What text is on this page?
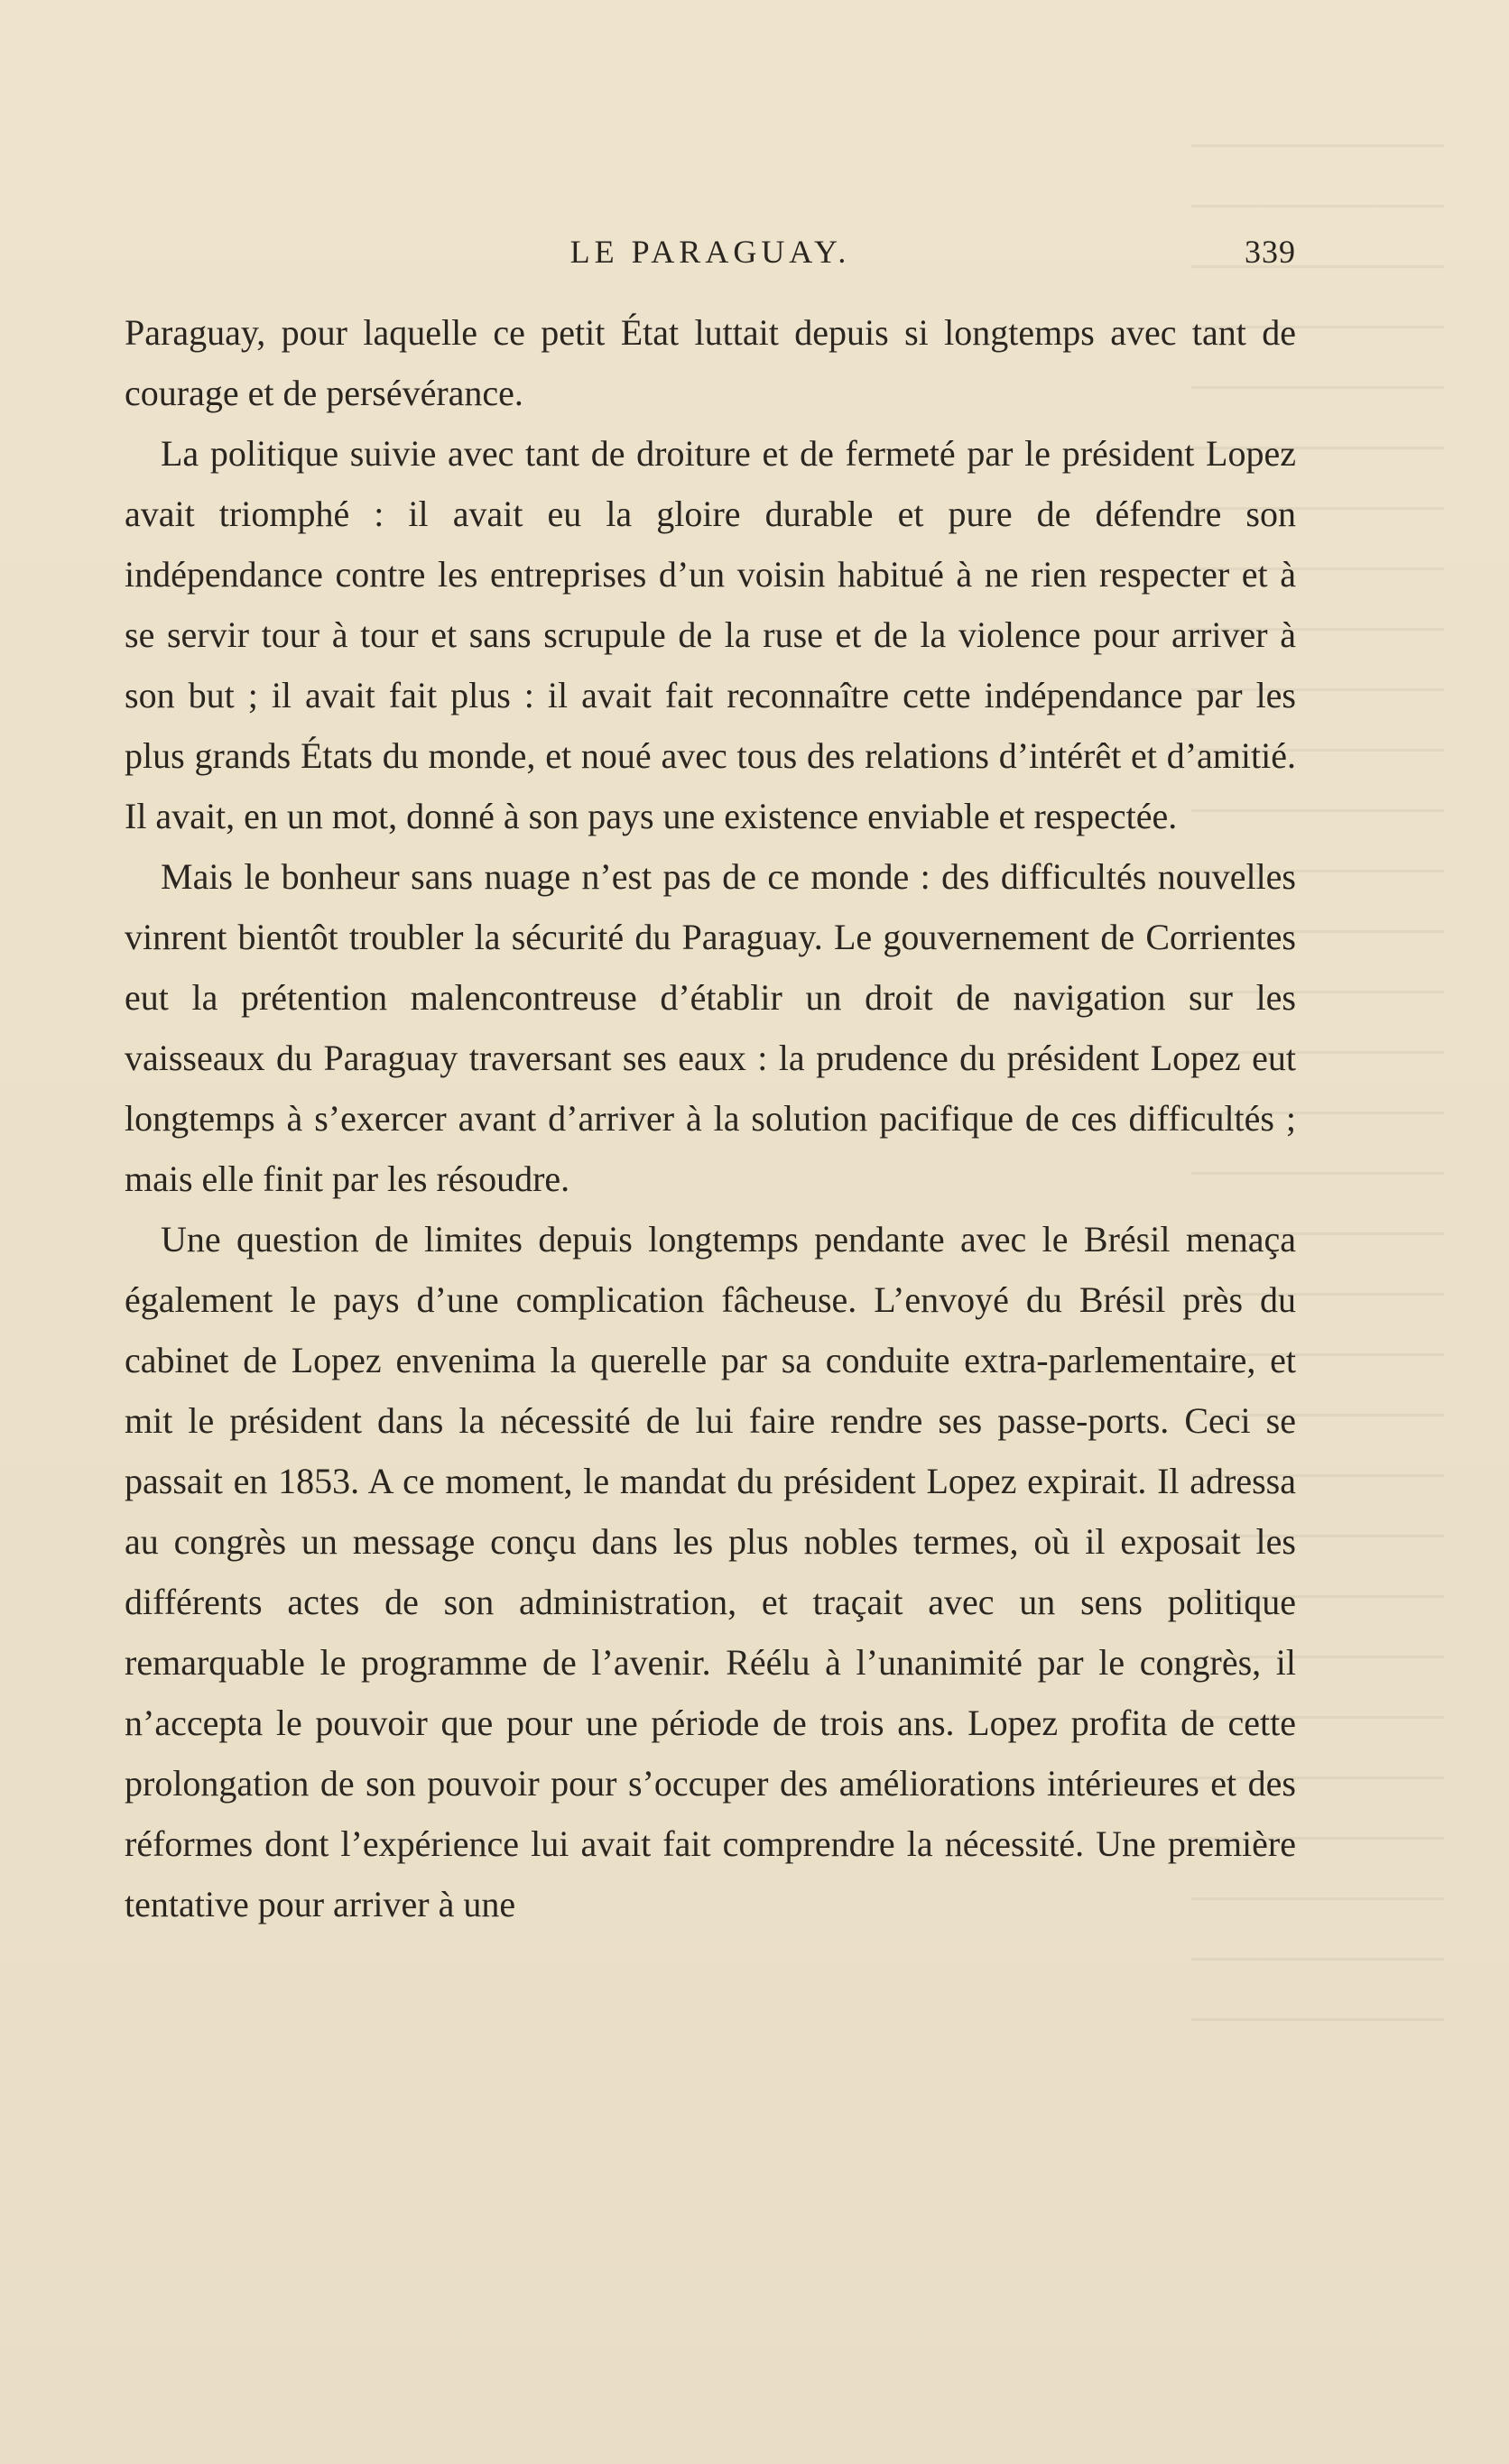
LE PARAGUAY.	339

Paraguay, pour laquelle ce petit État luttait depuis si longtemps avec tant de courage et de persévérance.

La politique suivie avec tant de droiture et de fermeté par le président Lopez avait triomphé : il avait eu la gloire durable et pure de défendre son indépendance contre les entreprises d’un voisin habitué à ne rien respecter et à se servir tour à tour et sans scrupule de la ruse et de la violence pour arriver à son but ; il avait fait plus : il avait fait reconnaître cette indépendance par les plus grands États du monde, et noué avec tous des relations d’intérêt et d’amitié. Il avait, en un mot, donné à son pays une existence enviable et respectée.

Mais le bonheur sans nuage n’est pas de ce monde : des difficultés nouvelles vinrent bientôt troubler la sécurité du Paraguay. Le gouvernement de Corrientes eut la prétention malencontreuse d’établir un droit de navigation sur les vaisseaux du Paraguay traversant ses eaux : la prudence du président Lopez eut longtemps à s’exercer avant d’arriver à la solution pacifique de ces difficultés ; mais elle finit par les résoudre.

Une question de limites depuis longtemps pendante avec le Brésil menaça également le pays d’une complication fâcheuse. L’envoyé du Brésil près du cabinet de Lopez envenima la querelle par sa conduite extra-parlementaire, et mit le président dans la nécessité de lui faire rendre ses passe-ports. Ceci se passait en 1853. A ce moment, le mandat du président Lopez expirait. Il adressa au congrès un message conçu dans les plus nobles termes, où il exposait les différents actes de son administration, et traçait avec un sens politique remarquable le programme de l’avenir. Réélu à l’unanimité par le congrès, il n’accepta le pouvoir que pour une période de trois ans. Lopez profita de cette prolongation de son pouvoir pour s’occuper des améliorations intérieures et des réformes dont l’expérience lui avait fait comprendre la nécessité. Une première tentative pour arriver à une
